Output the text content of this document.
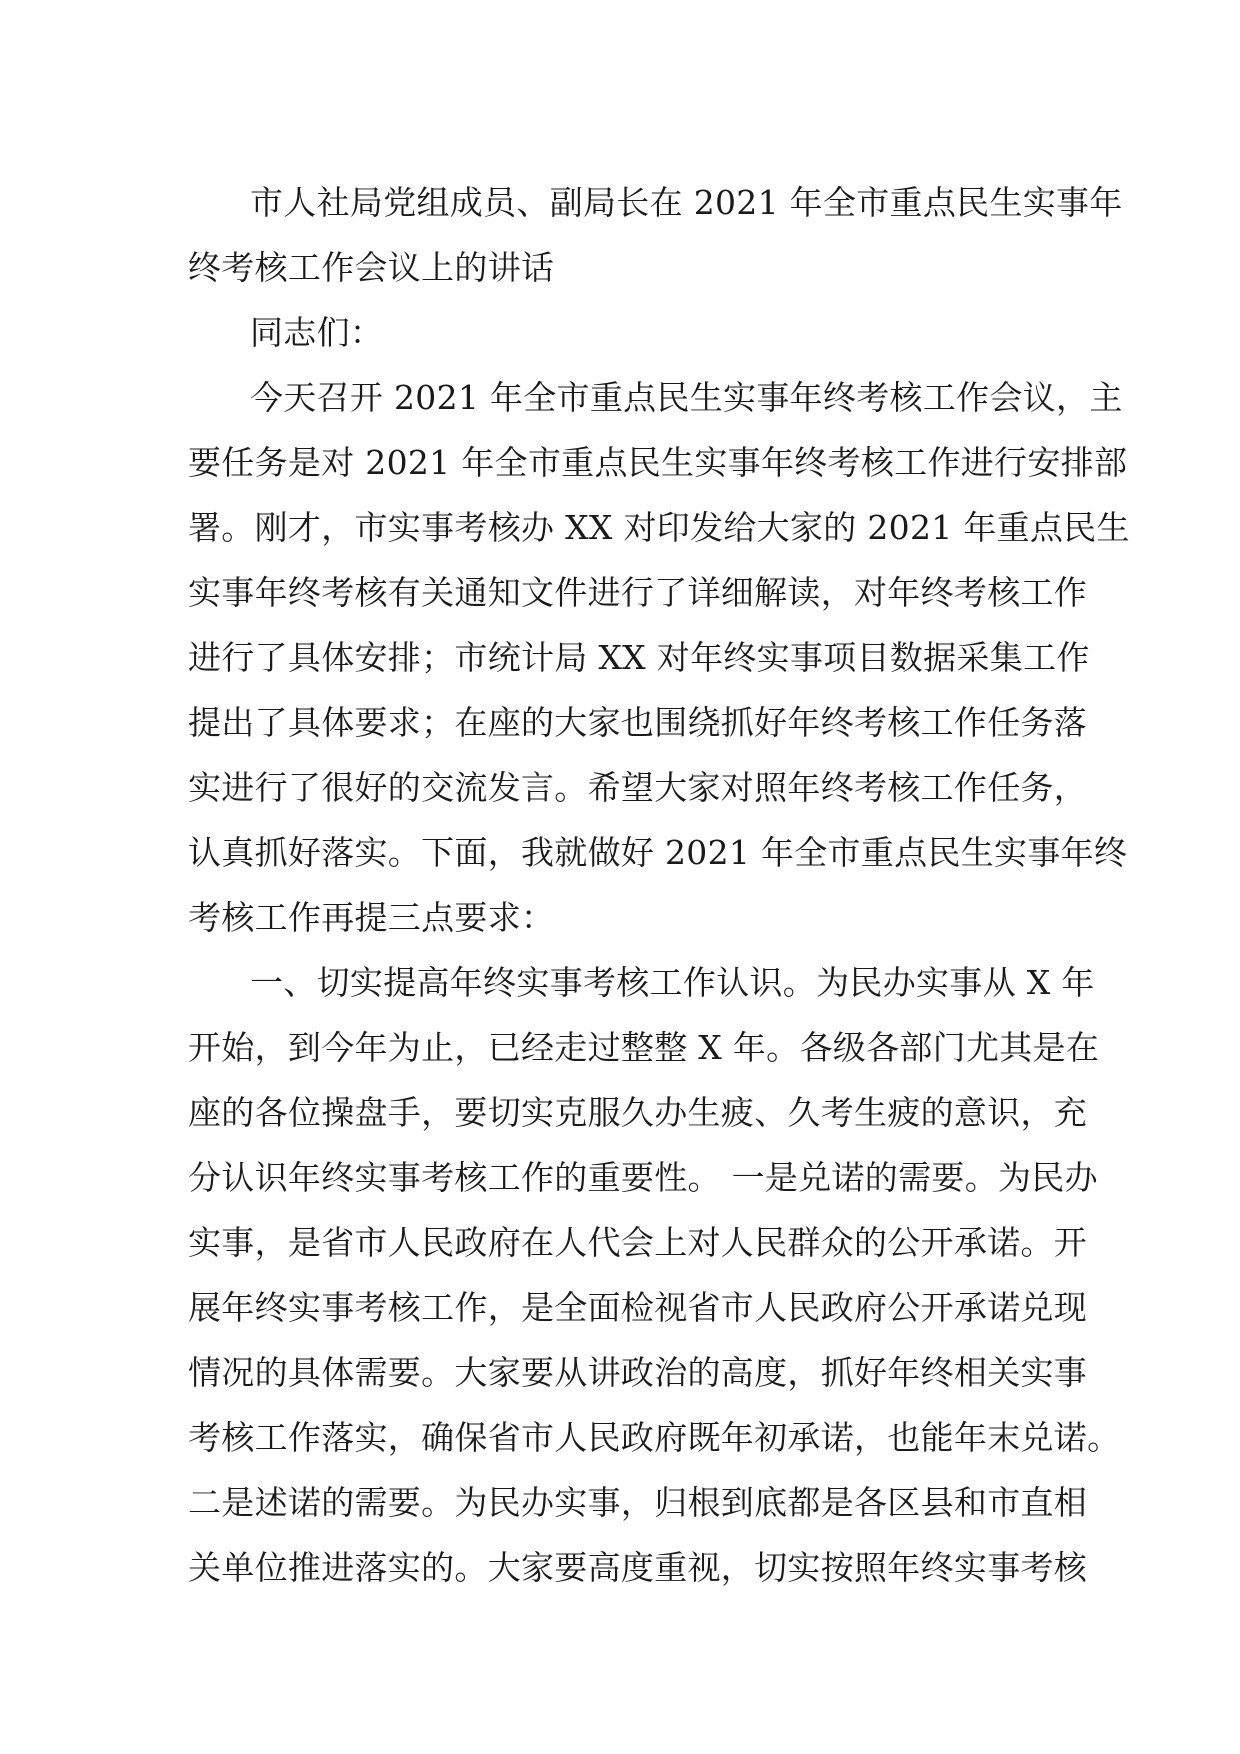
市人社局党组成员、副局长在 2021 年全市重点民生实事年
终考核工作会议上的讲话
同志们：
今天召开 2021 年全市重点民生实事年终考核工作会议，主
要任务是对 2021 年全市重点民生实事年终考核工作进行安排部
署。刚才，市实事考核办 XX 对印发给大家的 2021 年重点民生
实事年终考核有关通知文件进行了详细解读，对年终考核工作
进行了具体安排；市统计局 XX 对年终实事项目数据采集工作
提出了具体要求；在座的大家也围绕抓好年终考核工作任务落
实进行了很好的交流发言。希望大家对照年终考核工作任务，
认真抓好落实。下面，我就做好 2021 年全市重点民生实事年终
考核工作再提三点要求：
一、切实提高年终实事考核工作认识。为民办实事从 X 年
开始，到今年为止，已经走过整整 X 年。各级各部门尤其是在
座的各位操盘手，要切实克服久办生疲、久考生疲的意识，充
分认识年终实事考核工作的重要性。 一是兑诺的需要。为民办
实事，是省市人民政府在人代会上对人民群众的公开承诺。开
展年终实事考核工作，是全面检视省市人民政府公开承诺兑现
情况的具体需要。大家要从讲政治的高度，抓好年终相关实事
考核工作落实，确保省市人民政府既年初承诺，也能年末兑诺。
二是述诺的需要。为民办实事，归根到底都是各区县和市直相
关单位推进落实的。大家要高度重视，切实按照年终实事考核
